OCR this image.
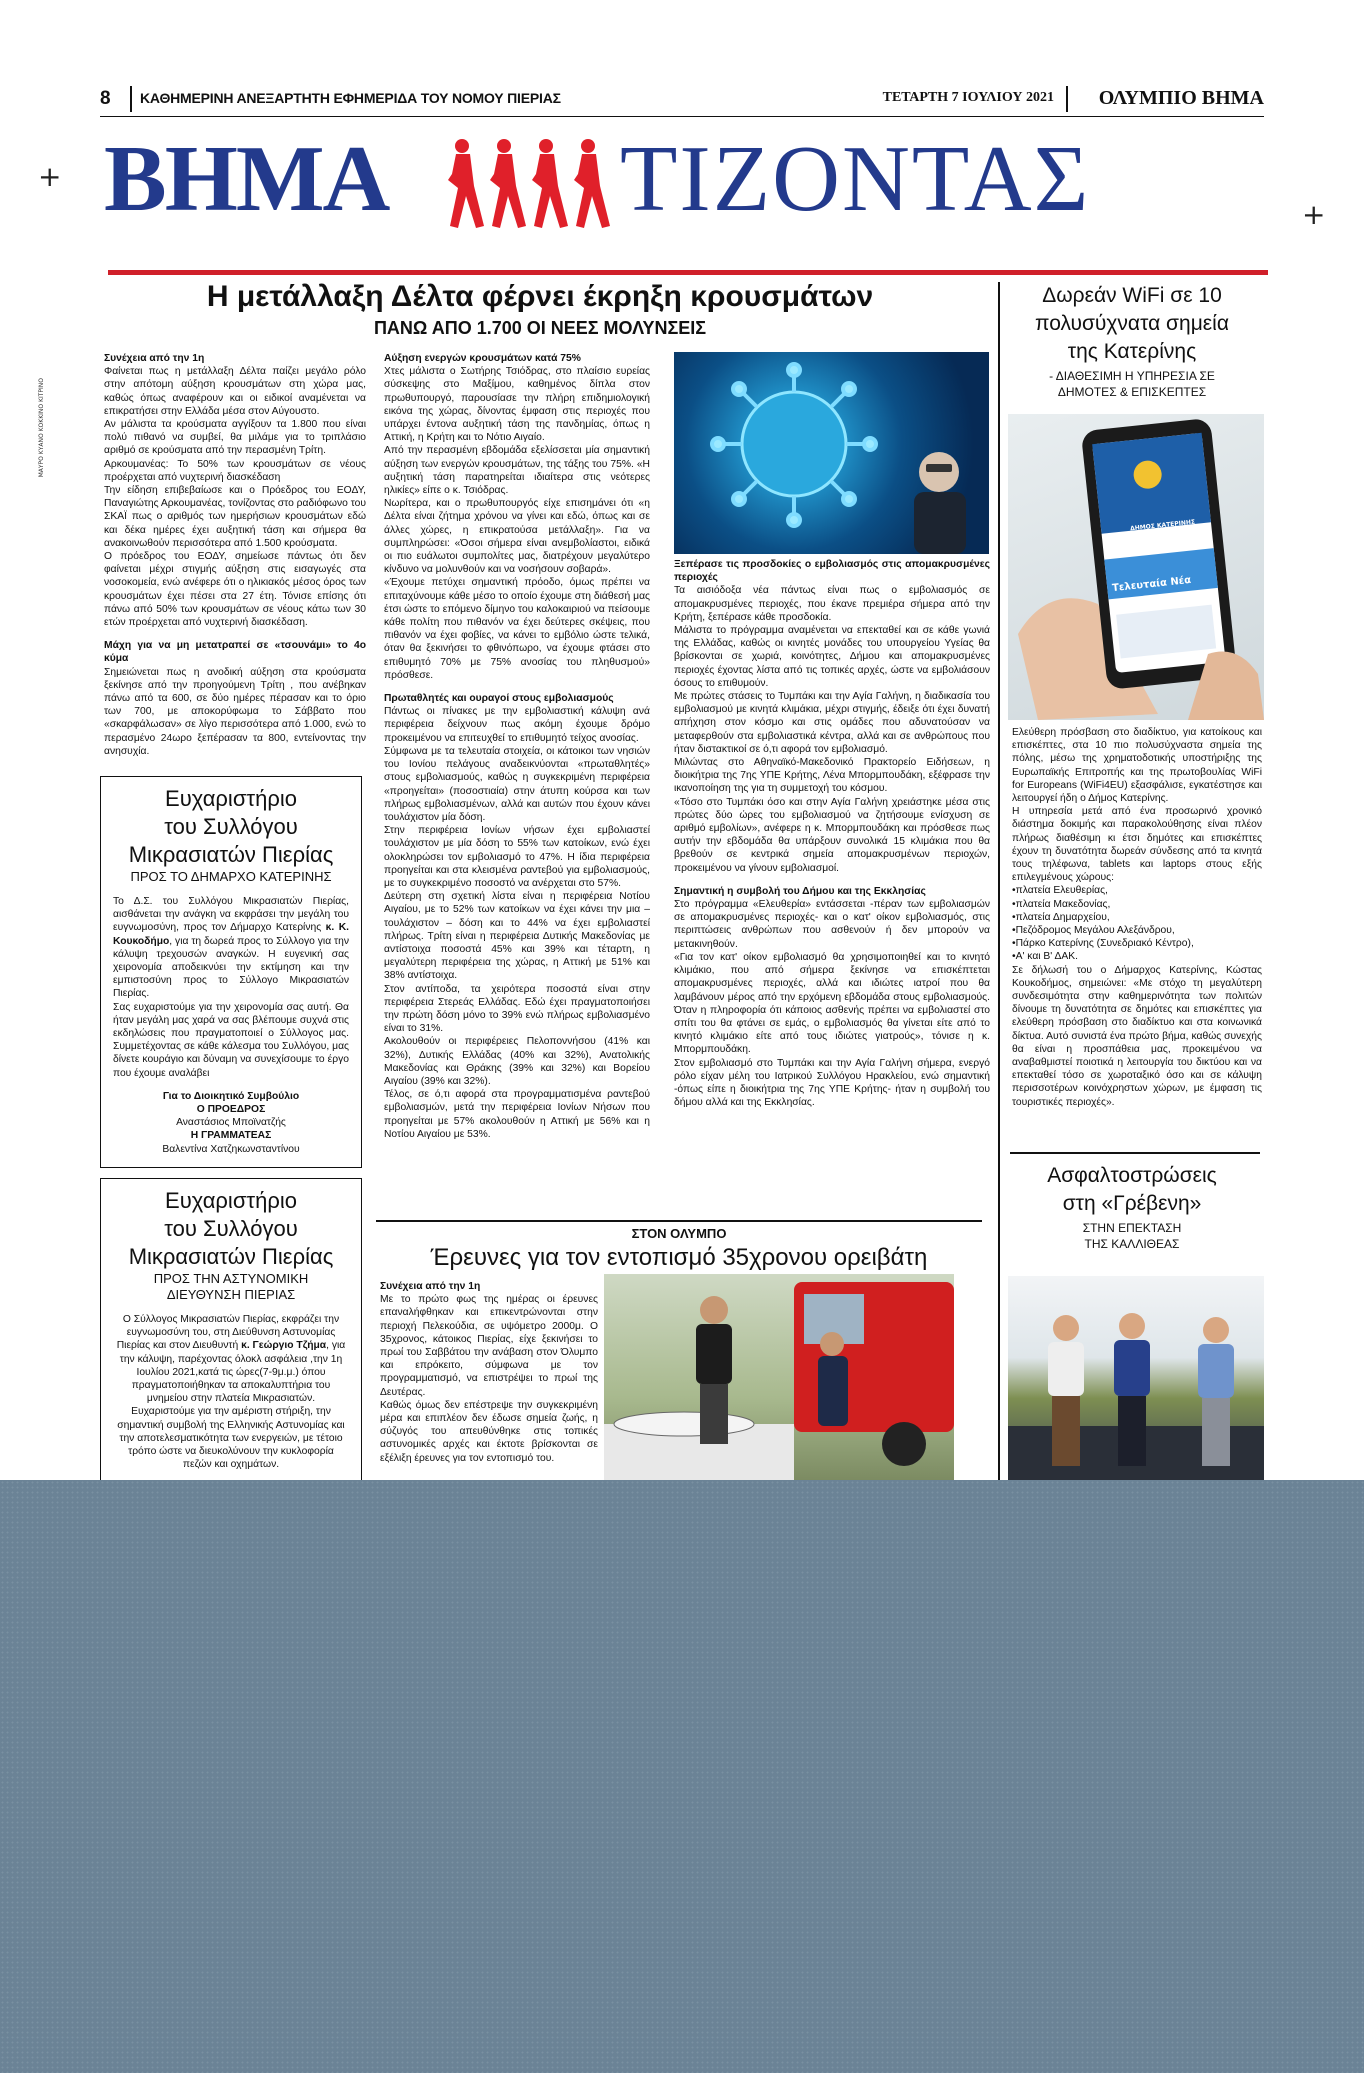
8 ΚΑΘΗΜΕΡΙΝΗ ΑΝΕΞΑΡΤΗΤΗ ΕΦΗΜΕΡΙΔΑ ΤΟΥ ΝΟΜΟΥ ΠΙΕΡΙΑΣ	ΤΕΤΑΡΤΗ 7 ΙΟΥΛΙΟΥ 2021 ΟΛΥΜΠΙΟ ΒΗΜΑ
+
+
ΜΑΥΡΟ ΚΥΑΝΟ ΚΟΚΚΙΝΟ ΚΙΤΡΙΝΟ
ΒΗΜΑ ΤΙΖΟΝΤΑΣ
Η μετάλλαξη Δέλτα φέρνει έκρηξη κρουσμάτων
ΠΑΝΩ ΑΠΟ 1.700 ΟΙ ΝΕΕΣ ΜΟΛΥΝΣΕΙΣ

Συνέχεια από την 1η

Φαίνεται πως η μετάλλαξη Δέλτα παίζει μεγάλο ρόλο στην απότομη αύξηση κρουσμάτων στη χώρα μας, καθώς όπως αναφέρουν και οι ειδικοί αναμένεται να επικρατήσει στην Ελλάδα μέσα στον Αύγουστο.

Αν μάλιστα τα κρούσματα αγγίξουν τα 1.800 που είναι πολύ πιθανό να συμβεί, θα μιλάμε για το τριπλάσιο αριθμό σε κρούσματα από την περασμένη Τρίτη.

Αρκουμανέας: Το 50% των κρουσμάτων σε νέους προέρχεται από νυχτερινή διασκέδαση

Την είδηση επιβεβαίωσε και ο Πρόεδρος του ΕΟΔΥ, Παναγιώτης Αρκουμανέας, τονίζοντας στο ραδιόφωνο του ΣΚΑΪ πως ο αριθμός των ημερήσιων κρουσμάτων εδώ και δέκα ημέρες έχει αυξητική τάση και σήμερα θα ανακοινωθούν περισσότερα από 1.500 κρούσματα.

Ο πρόεδρος του ΕΟΔΥ, σημείωσε πάντως ότι δεν φαίνεται μέχρι στιγμής αύξηση στις εισαγωγές στα νοσοκομεία, ενώ ανέφερε ότι ο ηλικιακός μέσος όρος των κρουσμάτων έχει πέσει στα 27 έτη. Τόνισε επίσης ότι πάνω από 50% των κρουσμάτων σε νέους κάτω των 30 ετών προέρχεται από νυχτερινή διασκέδαση.

Μάχη για να μη μετατραπεί σε «τσουνάμι» το 4ο κύμα

Σημειώνεται πως η ανοδική αύξηση στα κρούσματα ξεκίνησε από την προηγούμενη Τρίτη , που ανέβηκαν πάνω από τα 600, σε δύο ημέρες πέρασαν και το όριο των 700, με αποκορύφωμα το Σάββατο που «σκαρφάλωσαν» σε λίγο περισσότερα από 1.000, ενώ το περασμένο 24ωρο ξεπέρασαν τα 800, εντείνοντας την ανησυχία.

Αύξηση ενεργών κρουσμάτων κατά 75%

Χτες μάλιστα ο Σωτήρης Τσιόδρας, στο πλαίσιο ευρείας σύσκεψης στο Μαξίμου, καθημένος δίπλα στον πρωθυπουργό, παρουσίασε την πλήρη επιδημιολογική εικόνα της χώρας, δίνοντας έμφαση στις περιοχές που υπάρχει έντονα αυξητική τάση της πανδημίας, όπως η Αττική, η Κρήτη και το Νότιο Αιγαίο.

Από την περασμένη εβδομάδα εξελίσσεται μία σημαντική αύξηση των ενεργών κρουσμάτων, της τάξης του 75%. «Η αυξητική τάση παρατηρείται ιδιαίτερα στις νεότερες ηλικίες» είπε ο κ. Τσιόδρας.

Νωρίτερα, και ο πρωθυπουργός είχε επισημάνει ότι «η Δέλτα είναι ζήτημα χρόνου να γίνει και εδώ, όπως και σε άλλες χώρες, η επικρατούσα μετάλλαξη». Για να συμπληρώσει: «Όσοι σήμερα είναι ανεμβολίαστοι, ειδικά οι πιο ευάλωτοι συμπολίτες μας, διατρέχουν μεγαλύτερο κίνδυνο να μολυνθούν και να νοσήσουν σοβαρά».

«Έχουμε πετύχει σημαντική πρόοδο, όμως πρέπει να επιταχύνουμε κάθε μέσο το οποίο έχουμε στη διάθεσή μας έτσι ώστε το επόμενο δίμηνο του καλοκαιριού να πείσουμε κάθε πολίτη που πιθανόν να έχει δεύτερες σκέψεις, που πιθανόν να έχει φοβίες, να κάνει το εμβόλιο ώστε τελικά, όταν θα ξεκινήσει το φθινόπωρο, να έχουμε φτάσει στο επιθυμητό 70% με 75% ανοσίας του πληθυσμού» πρόσθεσε.

Πρωταθλητές και ουραγοί στους εμβολιασμούς

Πάντως οι πίνακες με την εμβολιαστική κάλυψη ανά περιφέρεια δείχνουν πως ακόμη έχουμε δρόμο προκειμένου να επιτευχθεί το επιθυμητό τείχος ανοσίας.

Σύμφωνα με τα τελευταία στοιχεία, οι κάτοικοι των νησιών του Ιονίου πελάγους αναδεικνύονται «πρωταθλητές» στους εμβολιασμούς, καθώς η συγκεκριμένη περιφέρεια «προηγείται» (ποσοστιαία) στην άτυπη κούρσα και των πλήρως εμβολιασμένων, αλλά και αυτών που έχουν κάνει τουλάχιστον μία δόση.

Στην περιφέρεια Ιονίων νήσων έχει εμβολιαστεί τουλάχιστον με μία δόση το 55% των κατοίκων, ενώ έχει ολοκληρώσει τον εμβολιασμό το 47%. Η ίδια περιφέρεια προηγείται και στα κλεισμένα ραντεβού για εμβολιασμούς, με το συγκεκριμένο ποσοστό να ανέρχεται στο 57%.

Δεύτερη στη σχετική λίστα είναι η περιφέρεια Νοτίου Αιγαίου, με το 52% των κατοίκων να έχει κάνει την μια – τουλάχιστον – δόση και το 44% να έχει εμβολιαστεί πλήρως. Τρίτη είναι η περιφέρεια Δυτικής Μακεδονίας με αντίστοιχα ποσοστά 45% και 39% και τέταρτη, η μεγαλύτερη περιφέρεια της χώρας, η Αττική με 51% και 38% αντίστοιχα.

Στον αντίποδα, τα χειρότερα ποσοστά είναι στην περιφέρεια Στερεάς Ελλάδας. Εδώ έχει πραγματοποιήσει την πρώτη δόση μόνο το 39% ενώ πλήρως εμβολιασμένο είναι το 31%.

Ακολουθούν οι περιφέρειες Πελοποννήσου (41% και 32%), Δυτικής Ελλάδας (40% και 32%), Ανατολικής Μακεδονίας και Θράκης (39% και 32%) και Βορείου Αιγαίου (39% και 32%).

Τέλος, σε ό,τι αφορά στα προγραμματισμένα ραντεβού εμβολιασμών, μετά την περιφέρεια Ιονίων Νήσων που προηγείται με 57% ακολουθούν η Αττική με 56% και η Νοτίου Αιγαίου με 53%.

Ξεπέρασε τις προσδοκίες ο εμβολιασμός στις απομακρυσμένες περιοχές

Τα αισιόδοξα νέα πάντως είναι πως ο εμβολιασμός σε απομακρυσμένες περιοχές, που έκανε πρεμιέρα σήμερα από την Κρήτη, ξεπέρασε κάθε προσδοκία.

Μάλιστα το πρόγραμμα αναμένεται να επεκταθεί και σε κάθε γωνιά της Ελλάδας, καθώς οι κινητές μονάδες του υπουργείου Υγείας θα βρίσκονται σε χωριά, κοινότητες, Δήμου και απομακρυσμένες περιοχές έχοντας λίστα από τις τοπικές αρχές, ώστε να εμβολιάσουν όσους το επιθυμούν.

Με πρώτες στάσεις το Τυμπάκι και την Αγία Γαλήνη, η διαδικασία του εμβολιασμού με κινητά κλιμάκια, μέχρι στιγμής, έδειξε ότι έχει δυνατή απήχηση στον κόσμο και στις ομάδες που αδυνατούσαν να μεταφερθούν στα εμβολιαστικά κέντρα, αλλά και σε ανθρώπους που ήταν διστακτικοί σε ό,τι αφορά τον εμβολιασμό.

Μιλώντας στο Αθηναϊκό-Μακεδονικό Πρακτορείο Ειδήσεων, η διοικήτρια της 7ης ΥΠΕ Κρήτης, Λένα Μπορμπουδάκη, εξέφρασε την ικανοποίηση της για τη συμμετοχή του κόσμου.

«Τόσο στο Τυμπάκι όσο και στην Αγία Γαλήνη χρειάστηκε μέσα στις πρώτες δύο ώρες του εμβολιασμού να ζητήσουμε ενίσχυση σε αριθμό εμβολίων», ανέφερε η κ. Μπορμπουδάκη και πρόσθεσε πως αυτήν την εβδομάδα θα υπάρξουν συνολικά 15 κλιμάκια που θα βρεθούν σε κεντρικά σημεία απομακρυσμένων περιοχών, προκειμένου να γίνουν εμβολιασμοί.

Σημαντική η συμβολή του Δήμου και της Εκκλησίας

Στο πρόγραμμα «Ελευθερία» εντάσσεται -πέραν των εμβολιασμών σε απομακρυσμένες περιοχές- και ο κατ' οίκον εμβολιασμός, στις περιπτώσεις ανθρώπων που ασθενούν ή δεν μπορούν να μετακινηθούν.

«Για τον κατ' οίκον εμβολιασμό θα χρησιμοποιηθεί και το κινητό κλιμάκιο, που από σήμερα ξεκίνησε να επισκέπτεται απομακρυσμένες περιοχές, αλλά και ιδιώτες ιατροί που θα λαμβάνουν μέρος από την ερχόμενη εβδομάδα στους εμβολιασμούς. Όταν η πληροφορία ότι κάποιος ασθενής πρέπει να εμβολιαστεί στο σπίτι του θα φτάνει σε εμάς, ο εμβολιασμός θα γίνεται είτε από το κινητό κλιμάκιο είτε από τους ιδιώτες γιατρούς», τόνισε η κ. Μπορμπουδάκη.

Στον εμβολιασμό στο Τυμπάκι και την Αγία Γαλήνη σήμερα, ενεργό ρόλο είχαν μέλη του Ιατρικού Συλλόγου Ηρακλείου, ενώ σημαντική -όπως είπε η διοικήτρια της 7ης ΥΠΕ Κρήτης- ήταν η συμβολή του δήμου αλλά και της Εκκλησίας.

Ευχαριστήριο
του Συλλόγου
Μικρασιατών Πιερίας
ΠΡΟΣ ΤΟ ΔΗΜΑΡΧΟ ΚΑΤΕΡΙΝΗΣ
Το Δ.Σ. του Συλλόγου Μικρασιατών Πιερίας, αισθάνεται την ανάγκη να εκφράσει την μεγάλη του ευγνωμοσύνη, προς τον Δήμαρχο Κατερίνης κ. Κ. Κουκοδήμο, για τη δωρεά προς το Σύλλογο για την κάλυψη τρεχουσών αναγκών. Η ευγενική σας χειρονομία αποδεικνύει την εκτίμηση και την εμπιστοσύνη προς το Σύλλογο Μικρασιατών Πιερίας.
Σας ευχαριστούμε για την χειρονομία σας αυτή. Θα ήταν μεγάλη μας χαρά να σας βλέπουμε συχνά στις εκδηλώσεις που πραγματοποιεί ο Σύλλογος μας. Συμμετέχοντας σε κάθε κάλεσμα του Συλλόγου, μας δίνετε κουράγιο και δύναμη να συνεχίσουμε το έργο που έχουμε αναλάβει
Για το Διοικητικό Συμβούλιο
Ο ΠΡΟΕΔΡΟΣ
Αναστάσιος Μποϊνατζής
Η ΓΡΑΜΜΑΤΕΑΣ
Βαλεντίνα Χατζηκωνσταντίνου
Ευχαριστήριο
του Συλλόγου
Μικρασιατών Πιερίας
ΠΡΟΣ ΤΗΝ ΑΣΤΥΝΟΜΙΚΗ
ΔΙΕΥΘΥΝΣΗ ΠΙΕΡΙΑΣ
Ο Σύλλογος Μικρασιατών Πιερίας, εκφράζει την ευγνωμοσύνη του, στη Διεύθυνση Αστυνομίας Πιερίας και στον Διευθυντή κ. Γεώργιο Τζήμα, για την κάλυψη, παρέχοντας όλοκλ ασφάλεια ,την 1η Ιουλίου 2021,κατά τις ώρες(7-9μ.μ.) όπου πραγματοποιήθηκαν τα αποκαλυπτήρια του μνημείου στην πλατεία Μικρασιατών.
Ευχαριστούμε για την αμέριστη στήριξη, την σημαντική συμβολή της Ελληνικής Αστυνομίας και την αποτελεσματικότητα των ενεργειών, με τέτοιο τρόπο ώστε να διευκολύνουν την κυκλοφορία πεζών και οχημάτων.
ΣΤΟΝ ΟΛΥΜΠΟ
Έρευνες για τον εντοπισμό 35χρονου ορειβάτη

Συνέχεια από την 1η

Με το πρώτο φως της ημέρας οι έρευνες επαναλήφθηκαν και επικεντρώνονται στην περιοχή Πελεκούδια, σε υψόμετρο 2000μ. Ο 35χρονος, κάτοικος Πιερίας, είχε ξεκινήσει το πρωί του Σαββάτου την ανάβαση στον Όλυμπο και επρόκειτο, σύμφωνα με τον προγραμματισμό, να επιστρέψει το πρωί της Δευτέρας.

Καθώς όμως δεν επέστρεψε την συγκεκριμένη μέρα και επιπλέον δεν έδωσε σημεία ζωής, η σύζυγός του απευθύνθηκε στις τοπικές αστυνομικές αρχές και έκτοτε βρίσκονται σε εξέλιξη έρευνες για τον εντοπισμό του.

Δωρεάν WiFi σε 10
πολυσύχνατα σημεία
της Κατερίνης
- ΔΙΑΘΕΣΙΜΗ Η ΥΠΗΡΕΣΙΑ ΣΕ
ΔΗΜΟΤΕΣ & ΕΠΙΣΚΕΠΤΕΣ
ΔΗΜΟΣ ΚΑΤΕΡΙΝΗΣ
Menu
Τελευταία Νέα

Ελεύθερη πρόσβαση στο διαδίκτυο, για κατοίκους και επισκέπτες, στα 10 πιο πολυσύχναστα σημεία της πόλης, μέσω της χρηματοδοτικής υποστήριξης της Ευρωπαϊκής Επιτροπής και της πρωτοβουλίας WiFi for Europeans (WiFi4EU) εξασφάλισε, εγκατέστησε και λειτουργεί ήδη ο Δήμος Κατερίνης.

Η υπηρεσία μετά από ένα προσωρινό χρονικό διάστημα δοκιμής και παρακολούθησης είναι πλέον πλήρως διαθέσιμη κι έτσι δημότες και επισκέπτες έχουν τη δυνατότητα δωρεάν σύνδεσης από τα κινητά τους τηλέφωνα, tablets και laptops στους εξής επιλεγμένους χώρους:

•πλατεία Ελευθερίας,

•πλατεία Μακεδονίας,

•πλατεία Δημαρχείου,

•Πεζόδρομος Μεγάλου Αλεξάνδρου,

•Πάρκο Κατερίνης (Συνεδριακό Κέντρο),

•Α' και Β' ΔΑΚ.

Σε δήλωσή του ο Δήμαρχος Κατερίνης, Κώστας Κουκοδήμος, σημειώνει: «Με στόχο τη μεγαλύτερη συνδεσιμότητα στην καθημερινότητα των πολιτών δίνουμε τη δυνατότητα σε δημότες και επισκέπτες για ελεύθερη πρόσβαση στο διαδίκτυο και στα κοινωνικά δίκτυα. Αυτό συνιστά ένα πρώτο βήμα, καθώς συνεχής θα είναι η προσπάθεια μας, προκειμένου να αναβαθμιστεί ποιοτικά η λειτουργία του δικτύου και να επεκταθεί τόσο σε χωροταξικό όσο και σε κάλυψη περισσοτέρων κοινόχρηστων χώρων, με έμφαση τις τουριστικές περιοχές».

Ασφαλτοστρώσεις
στη «Γρέβενη»
ΣΤΗΝ ΕΠΕΚΤΑΣΗ
ΤΗΣ ΚΑΛΛΙΘΕΑΣ
